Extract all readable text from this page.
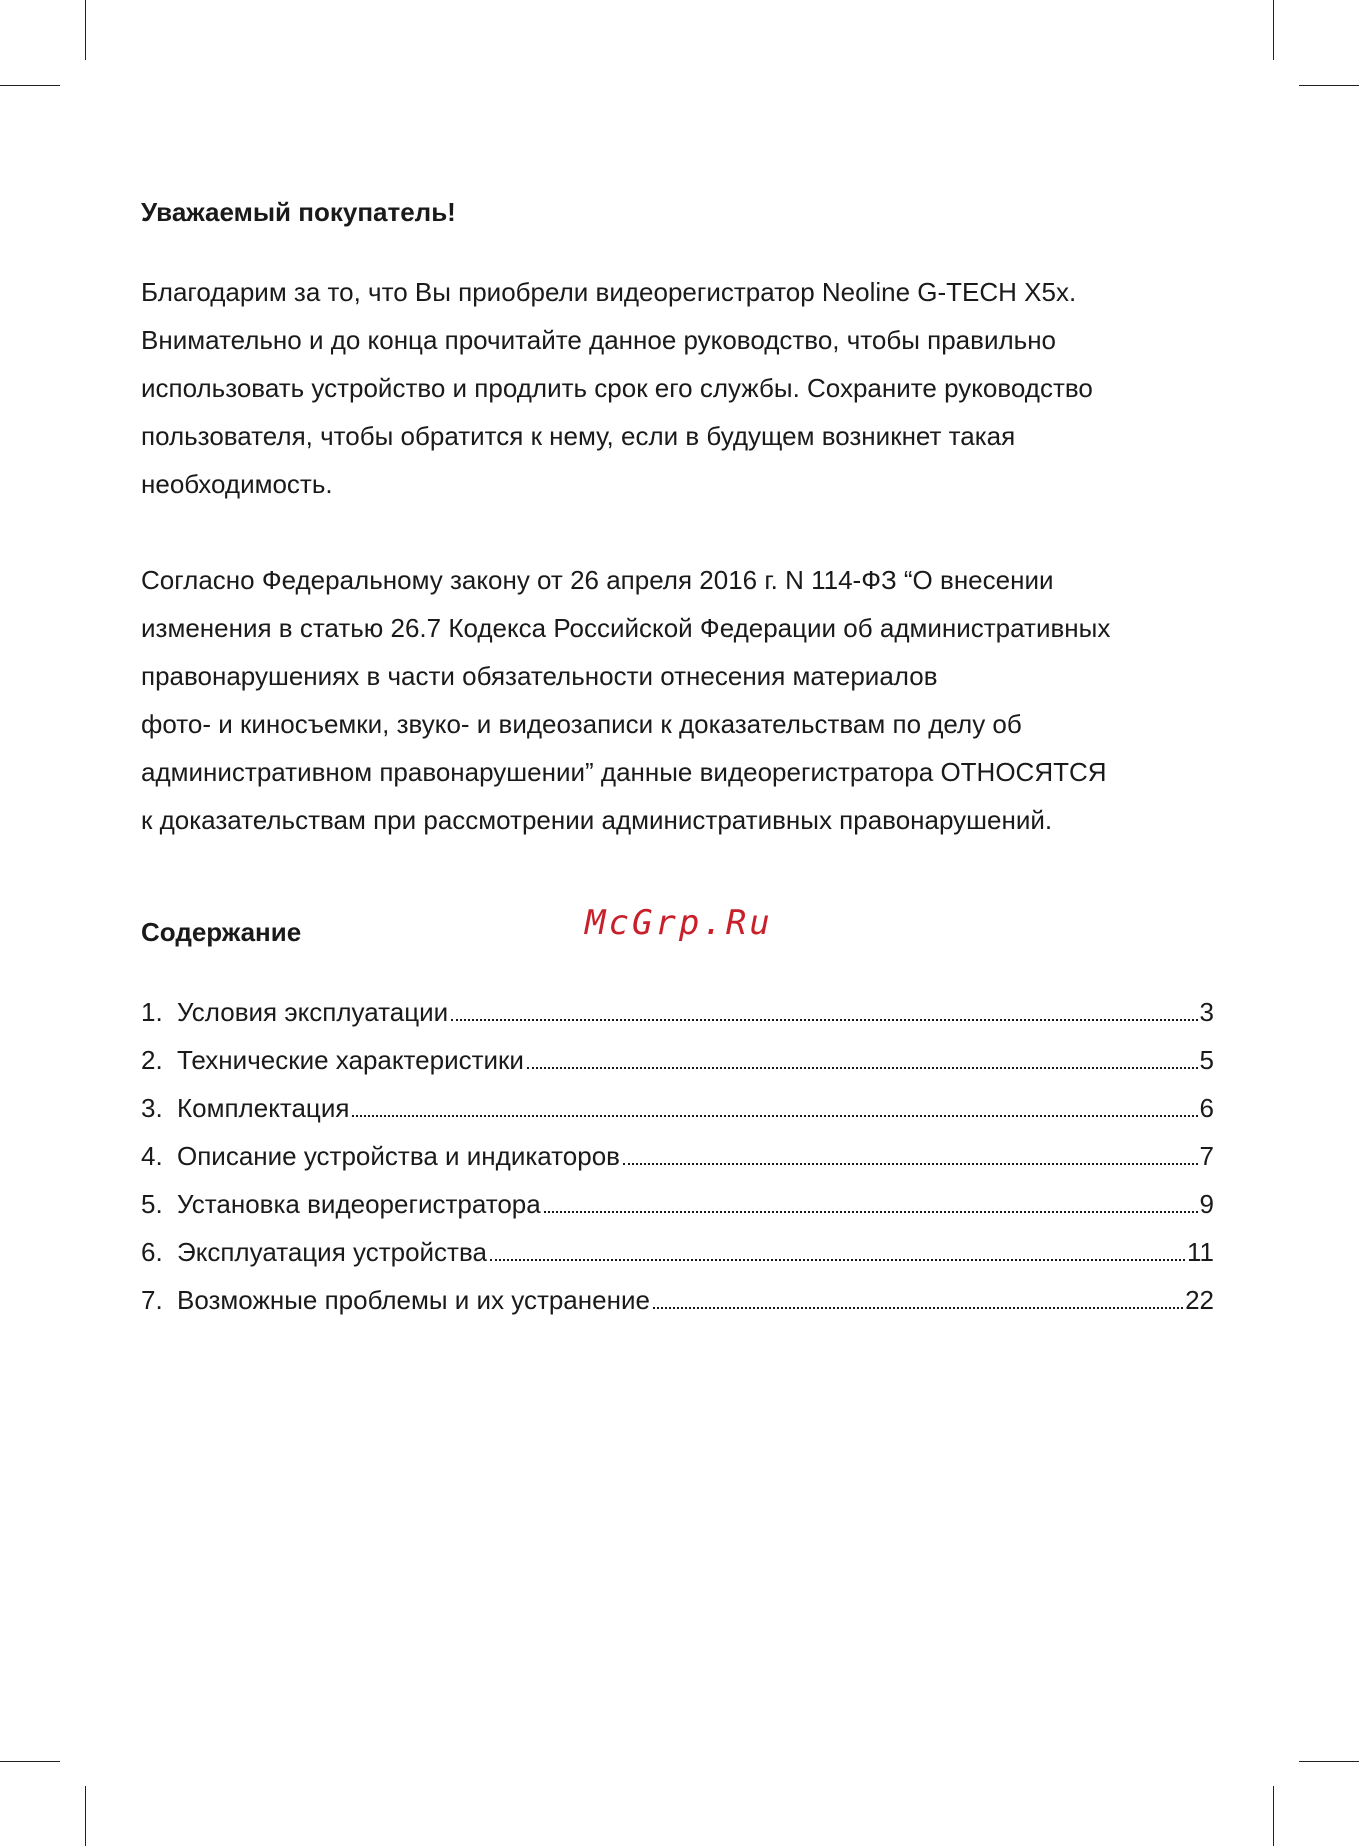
Уважаемый покупатель!
Благодарим за то, что Вы приобрели видеорегистратор Neoline G-TECH X5x.
Внимательно и до конца прочитайте данное руководство, чтобы правильно
использовать устройство и продлить срок его службы. Сохраните руководство
пользователя, чтобы обратится к нему, если в будущем возникнет такая
необходимость.
Согласно Федеральному закону от 26 апреля 2016 г. N 114-ФЗ “О внесении
изменения в статью 26.7 Кодекса Российской Федерации об административных
правонарушениях в части обязательности отнесения материалов
фото- и киносъемки, звуко- и видеозаписи к доказательствам по делу об
административном правонарушении” данные видеорегистратора ОТНОСЯТСЯ
к доказательствам при рассмотрении административных правонарушений.
Содержание	McGrp.Ru
1. Условия эксплуатации	3
2. Технические характеристики	5
3. Комплектация	6
4. Описание устройства и индикаторов	7
5. Установка видеорегистратора	9
6. Эксплуатация устройства	11
7. Возможные проблемы и их устранение	22
